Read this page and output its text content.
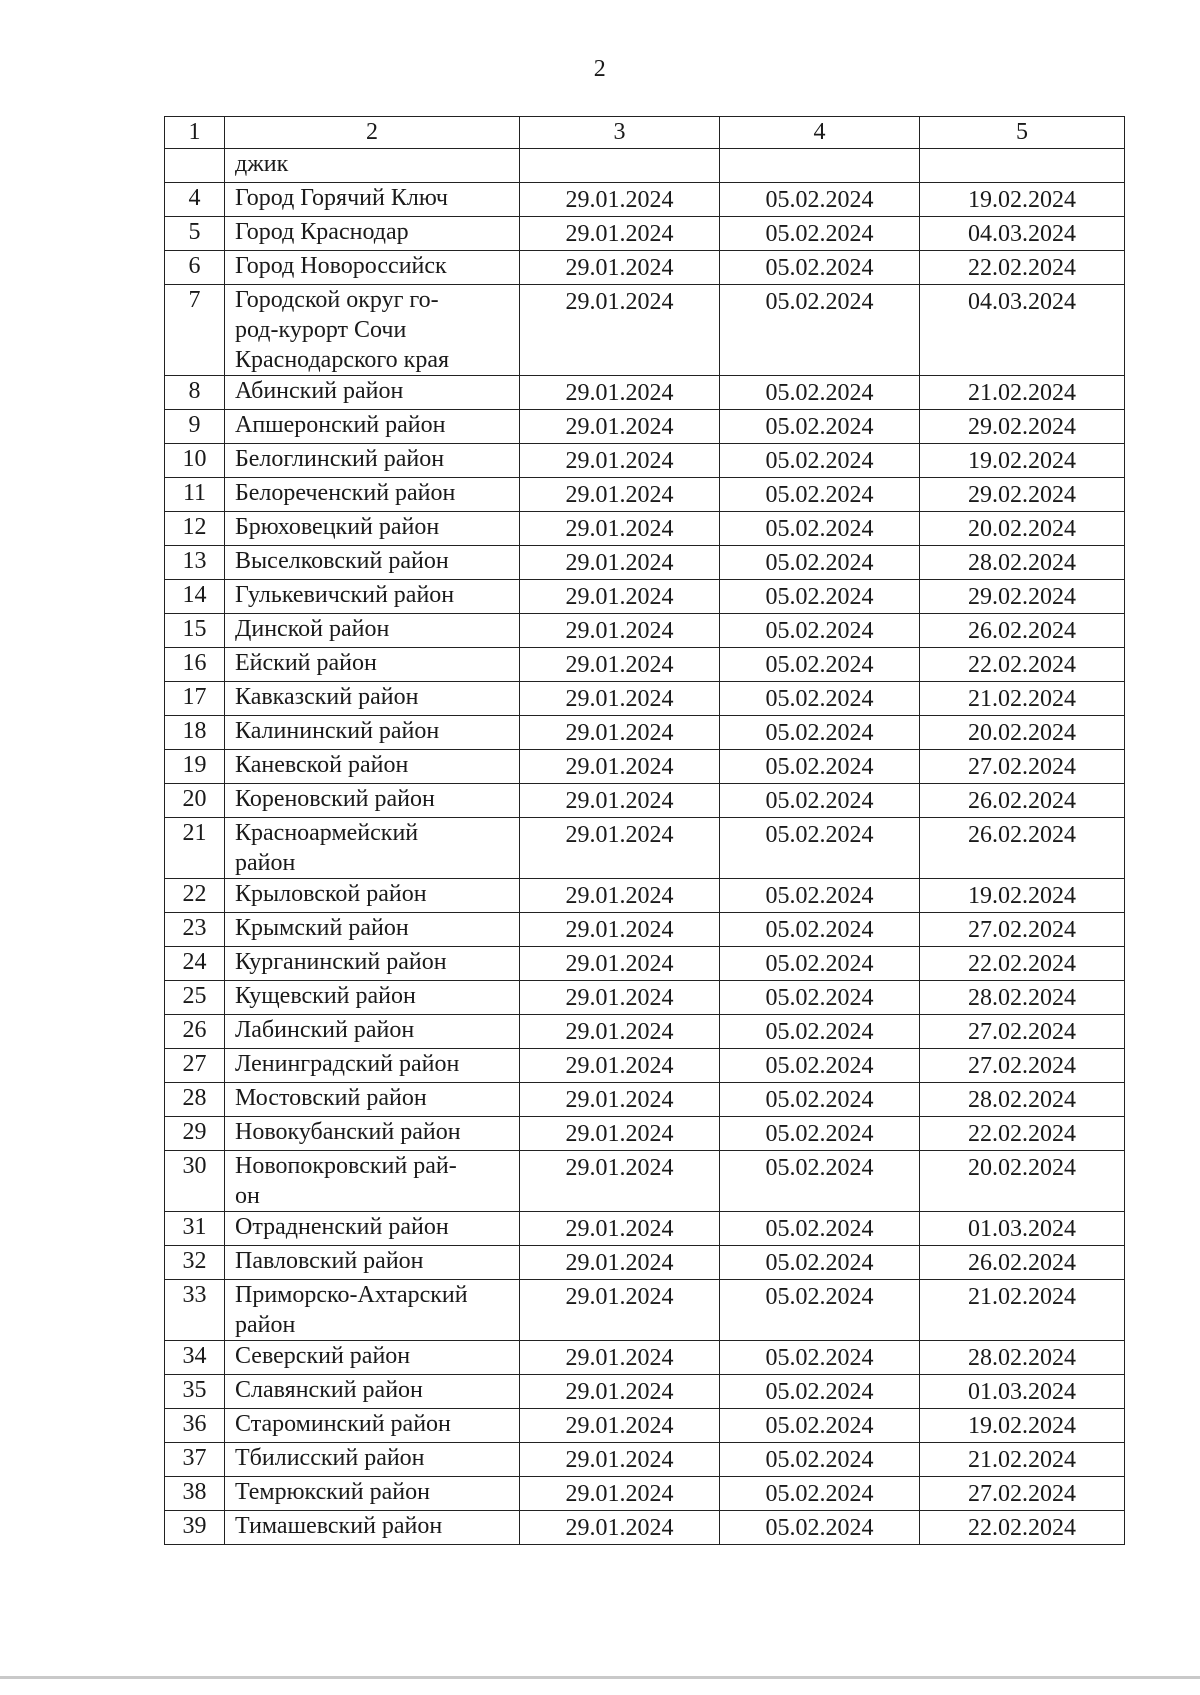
2
1	2	3	4	5
	джик			
4	Город Горячий Ключ	29.01.2024	05.02.2024	19.02.2024
5	Город Краснодар	29.01.2024	05.02.2024	04.03.2024
6	Город Новороссийск	29.01.2024	05.02.2024	22.02.2024
7	Городской округ го-
род-курорт Сочи
Краснодарского края	29.01.2024	05.02.2024	04.03.2024
8	Абинский район	29.01.2024	05.02.2024	21.02.2024
9	Апшеронский район	29.01.2024	05.02.2024	29.02.2024
10	Белоглинский район	29.01.2024	05.02.2024	19.02.2024
11	Белореченский район	29.01.2024	05.02.2024	29.02.2024
12	Брюховецкий район	29.01.2024	05.02.2024	20.02.2024
13	Выселковский район	29.01.2024	05.02.2024	28.02.2024
14	Гулькевичский район	29.01.2024	05.02.2024	29.02.2024
15	Динской район	29.01.2024	05.02.2024	26.02.2024
16	Ейский район	29.01.2024	05.02.2024	22.02.2024
17	Кавказский район	29.01.2024	05.02.2024	21.02.2024
18	Калининский район	29.01.2024	05.02.2024	20.02.2024
19	Каневской район	29.01.2024	05.02.2024	27.02.2024
20	Кореновский район	29.01.2024	05.02.2024	26.02.2024
21	Красноармейский
район	29.01.2024	05.02.2024	26.02.2024
22	Крыловской район	29.01.2024	05.02.2024	19.02.2024
23	Крымский район	29.01.2024	05.02.2024	27.02.2024
24	Курганинский район	29.01.2024	05.02.2024	22.02.2024
25	Кущевский район	29.01.2024	05.02.2024	28.02.2024
26	Лабинский район	29.01.2024	05.02.2024	27.02.2024
27	Ленинградский район	29.01.2024	05.02.2024	27.02.2024
28	Мостовский район	29.01.2024	05.02.2024	28.02.2024
29	Новокубанский район	29.01.2024	05.02.2024	22.02.2024
30	Новопокровский рай-
он	29.01.2024	05.02.2024	20.02.2024
31	Отрадненский район	29.01.2024	05.02.2024	01.03.2024
32	Павловский район	29.01.2024	05.02.2024	26.02.2024
33	Приморско-Ахтарский
район	29.01.2024	05.02.2024	21.02.2024
34	Северский район	29.01.2024	05.02.2024	28.02.2024
35	Славянский район	29.01.2024	05.02.2024	01.03.2024
36	Староминский район	29.01.2024	05.02.2024	19.02.2024
37	Тбилисский район	29.01.2024	05.02.2024	21.02.2024
38	Темрюкский район	29.01.2024	05.02.2024	27.02.2024
39	Тимашевский район	29.01.2024	05.02.2024	22.02.2024
